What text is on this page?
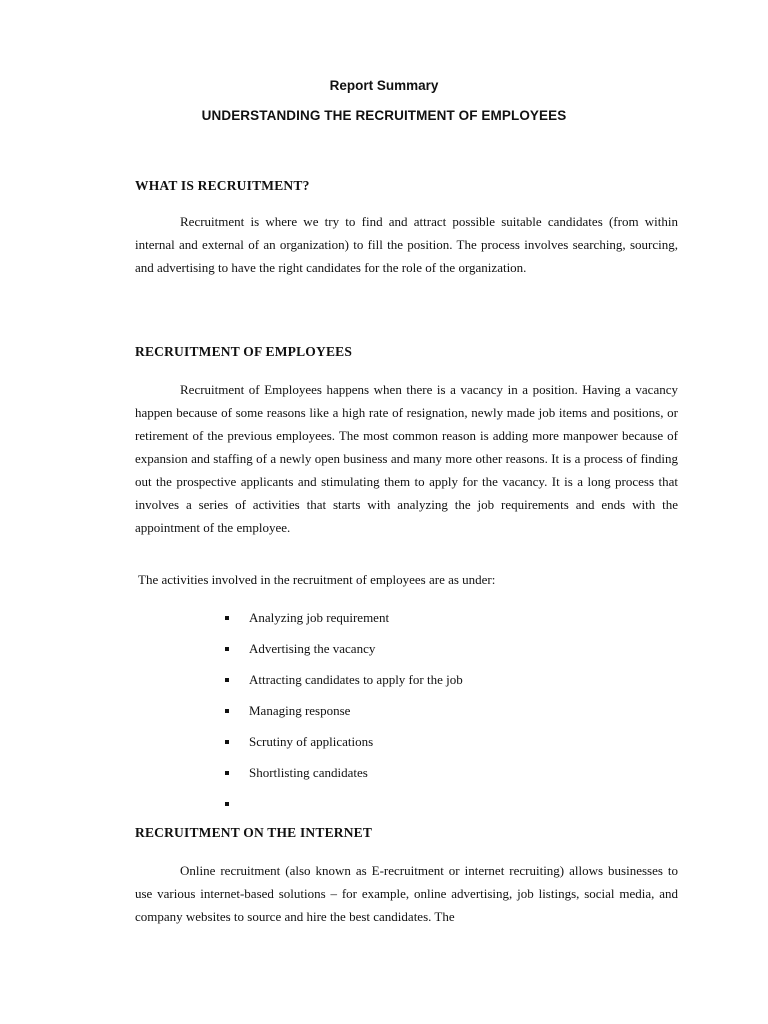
Report Summary
UNDERSTANDING THE RECRUITMENT OF EMPLOYEES
WHAT IS RECRUITMENT?

Recruitment is where we try to find and attract possible suitable candidates (from within internal and external of an organization) to fill the position. The process involves searching, sourcing, and advertising to have the right candidates for the role of the organization.

RECRUITMENT OF EMPLOYEES

Recruitment of Employees happens when there is a vacancy in a position. Having a vacancy happen because of some reasons like a high rate of resignation, newly made job items and positions, or retirement of the previous employees. The most common reason is adding more manpower because of expansion and staffing of a newly open business and many more other reasons. It is a process of finding out the prospective applicants and stimulating them to apply for the vacancy. It is a long process that involves a series of activities that starts with analyzing the job requirements and ends with the appointment of the employee.

The activities involved in the recruitment of employees are as under:

Analyzing job requirement
Advertising the vacancy
Attracting candidates to apply for the job
Managing response
Scrutiny of applications
Shortlisting candidates
RECRUITMENT ON THE INTERNET

Online recruitment (also known as E-recruitment or internet recruiting) allows businesses to use various internet-based solutions – for example, online advertising, job listings, social media, and company websites to source and hire the best candidates. The
